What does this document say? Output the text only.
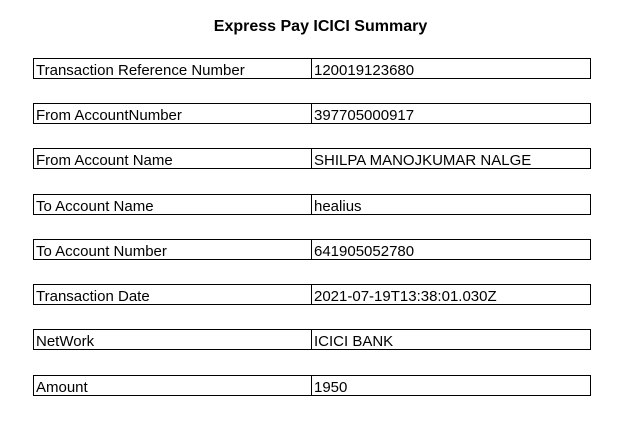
Express Pay ICICI Summary
Transaction Reference Number	120019123680
From AccountNumber	397705000917
From Account Name	SHILPA MANOJKUMAR NALGE
To Account Name	healius
To Account Number	641905052780
Transaction Date	2021-07-19T13:38:01.030Z
NetWork	ICICI BANK
Amount	1950
